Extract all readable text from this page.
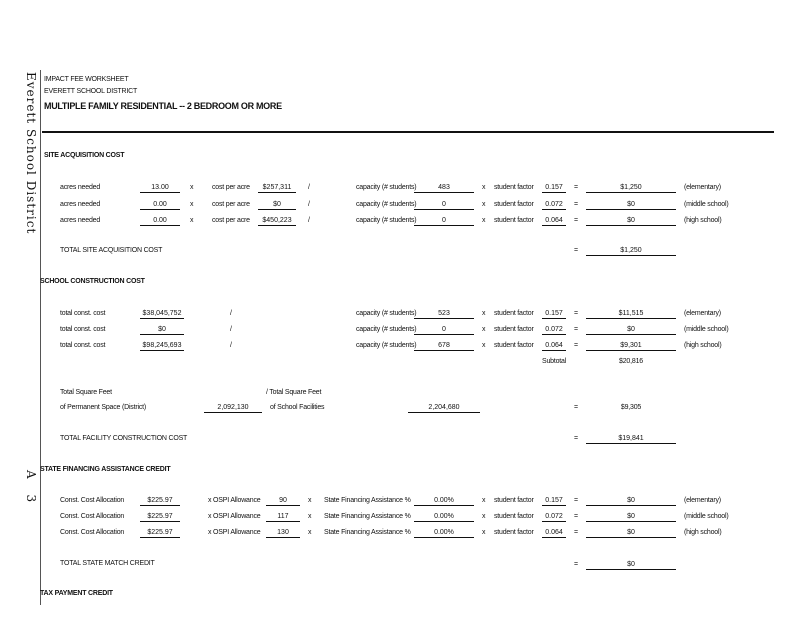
Everett School District
A 3
IMPACT FEE WORKSHEET
EVERETT SCHOOL DISTRICT
MULTIPLE FAMILY RESIDENTIAL -- 2 BEDROOM OR MORE
SITE ACQUISITION COST
acres needed	13.00	x	cost per acre	$257,311	/	capacity (# students)	483	x student factor	0.157	=	$1,250	(elementary)
acres needed	0.00	x	cost per acre	$0	/	capacity (# students)	0	x student factor	0.072	=	$0	(middle school)
acres needed	0.00	x	cost per acre	$450,223	/	capacity (# students)	0	x student factor	0.064	=	$0	(high school)
TOTAL SITE ACQUISITION COST	=	$1,250
SCHOOL CONSTRUCTION COST
total const. cost	$38,045,752	/	capacity (# students)	523	x student factor	0.157	=	$11,515	(elementary)
total const. cost	$0	/	capacity (# students)	0	x student factor	0.072	=	$0	(middle school)
total const. cost	$98,245,693	/	capacity (# students)	678	x student factor	0.064	=	$9,301	(high school)
Subtotal	$20,816
Total Square Feet
of Permanent Space (District)	2,092,130
/ Total Square Feet
of School Facilities	2,204,680	=	$9,305
TOTAL FACILITY CONSTRUCTION COST	=	$19,841
STATE FINANCING ASSISTANCE CREDIT
Const. Cost Allocation	$225.97	x OSPI Allowance	90	x State Financing Assistance %	0.00%	x student factor	0.157	=	$0	(elementary)
Const. Cost Allocation	$225.97	x OSPI Allowance	117	x State Financing Assistance %	0.00%	x student factor	0.072	=	$0	(middle school)
Const. Cost Allocation	$225.97	x OSPI Allowance	130	x State Financing Assistance %	0.00%	x student factor	0.064	=	$0	(high school)
TOTAL STATE MATCH CREDIT	=	$0
TAX PAYMENT CREDIT
